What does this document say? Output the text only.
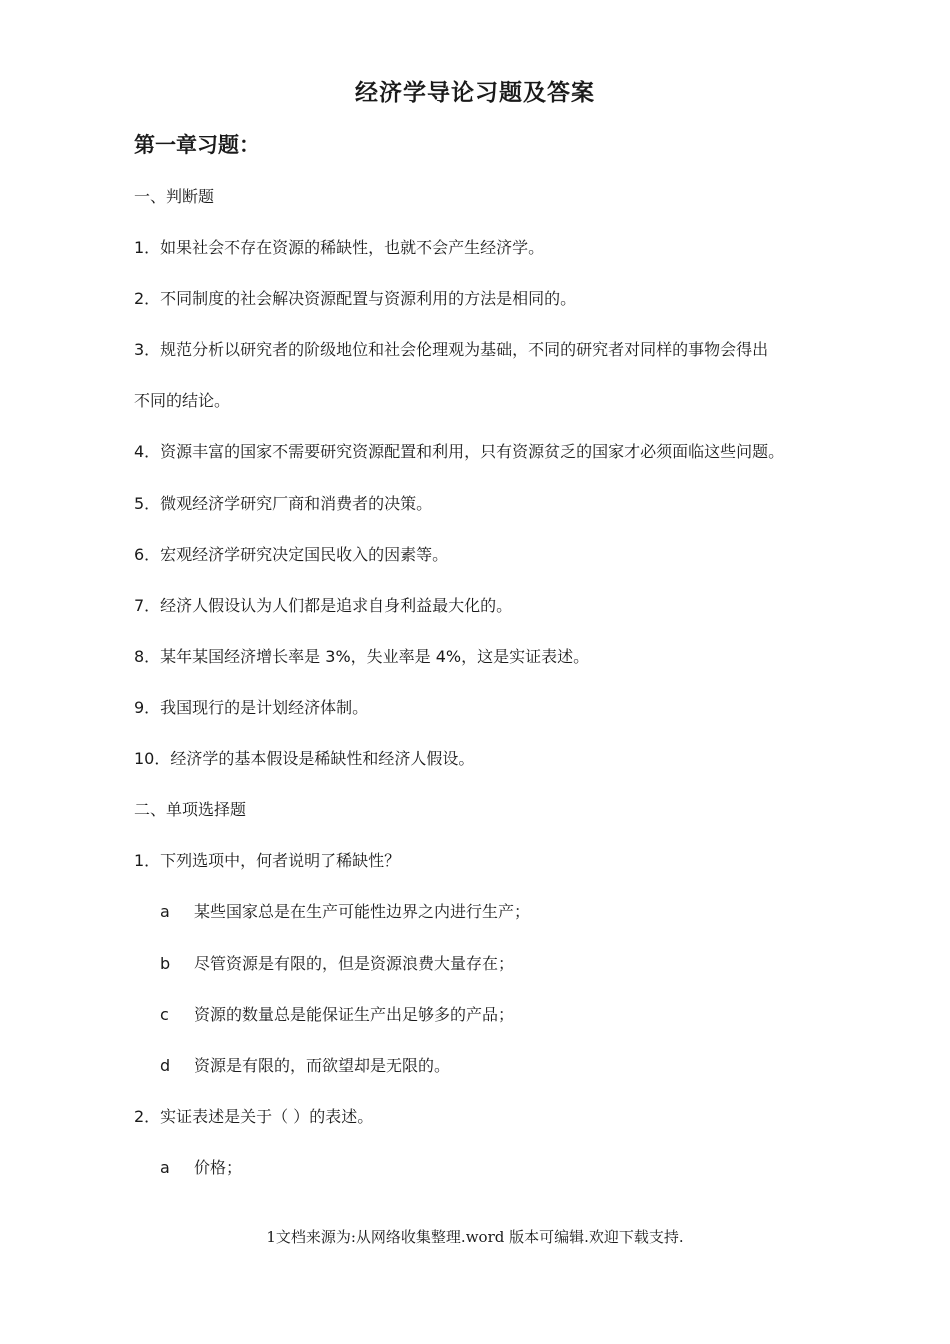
经济学导论习题及答案
第一章习题：
一、判断题
1．如果社会不存在资源的稀缺性，也就不会产生经济学。
2．不同制度的社会解决资源配置与资源利用的方法是相同的。
3．规范分析以研究者的阶级地位和社会伦理观为基础，不同的研究者对同样的事物会得出
不同的结论。
4．资源丰富的国家不需要研究资源配置和利用，只有资源贫乏的国家才必须面临这些问题。
5．微观经济学研究厂商和消费者的决策。
6．宏观经济学研究决定国民收入的因素等。
7．经济人假设认为人们都是追求自身利益最大化的。
8．某年某国经济增长率是 3%，失业率是 4%，这是实证表述。
9．我国现行的是计划经济体制。
10．经济学的基本假设是稀缺性和经济人假设。
二、单项选择题
1．下列选项中，何者说明了稀缺性？
a 某些国家总是在生产可能性边界之内进行生产；
b 尽管资源是有限的，但是资源浪费大量存在；
c 资源的数量总是能保证生产出足够多的产品；
d 资源是有限的，而欲望却是无限的。
2．实证表述是关于（ ）的表述。
a 价格；
1文档来源为:从网络收集整理.word 版本可编辑.欢迎下载支持.
